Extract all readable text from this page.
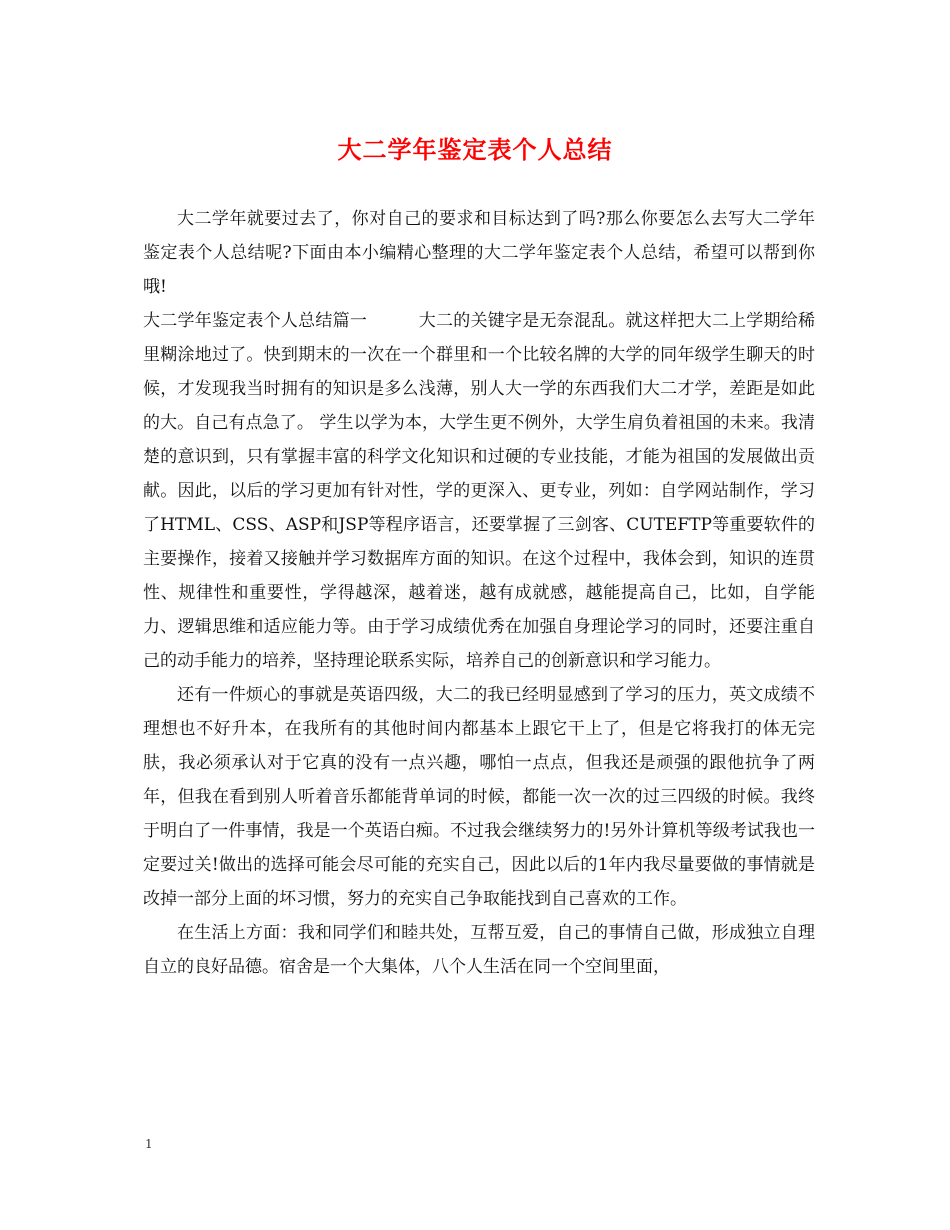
大二学年鉴定表个人总结

大二学年就要过去了，你对自己的要求和目标达到了吗?那么你要怎么去写大二学年鉴定表个人总结呢?下面由本小编精心整理的大二学年鉴定表个人总结，希望可以帮到你哦!

大二学年鉴定表个人总结篇一　　　大二的关键字是无奈混乱。就这样把大二上学期给稀里糊涂地过了。快到期末的一次在一个群里和一个比较名牌的大学的同年级学生聊天的时候，才发现我当时拥有的知识是多么浅薄，别人大一学的东西我们大二才学，差距是如此的大。自己有点急了。 学生以学为本，大学生更不例外，大学生肩负着祖国的未来。我清楚的意识到，只有掌握丰富的科学文化知识和过硬的专业技能，才能为祖国的发展做出贡献。因此，以后的学习更加有针对性，学的更深入、更专业，列如：自学网站制作，学习了HTML、CSS、ASP和JSP等程序语言，还要掌握了三剑客、CUTEFTP等重要软件的主要操作，接着又接触并学习数据库方面的知识。在这个过程中，我体会到，知识的连贯性、规律性和重要性，学得越深，越着迷，越有成就感，越能提高自己，比如，自学能力、逻辑思维和适应能力等。由于学习成绩优秀在加强自身理论学习的同时，还要注重自己的动手能力的培养，坚持理论联系实际，培养自己的创新意识和学习能力。

还有一件烦心的事就是英语四级，大二的我已经明显感到了学习的压力，英文成绩不理想也不好升本，在我所有的其他时间内都基本上跟它干上了，但是它将我打的体无完肤，我必须承认对于它真的没有一点兴趣，哪怕一点点，但我还是顽强的跟他抗争了两年，但我在看到别人听着音乐都能背单词的时候，都能一次一次的过三四级的时候。我终于明白了一件事情，我是一个英语白痴。不过我会继续努力的!另外计算机等级考试我也一定要过关!做出的选择可能会尽可能的充实自己，因此以后的1年内我尽量要做的事情就是改掉一部分上面的坏习惯，努力的充实自己争取能找到自己喜欢的工作。

在生活上方面：我和同学们和睦共处，互帮互爱，自己的事情自己做，形成独立自理自立的良好品德。宿舍是一个大集体，八个人生活在同一个空间里面，

1
